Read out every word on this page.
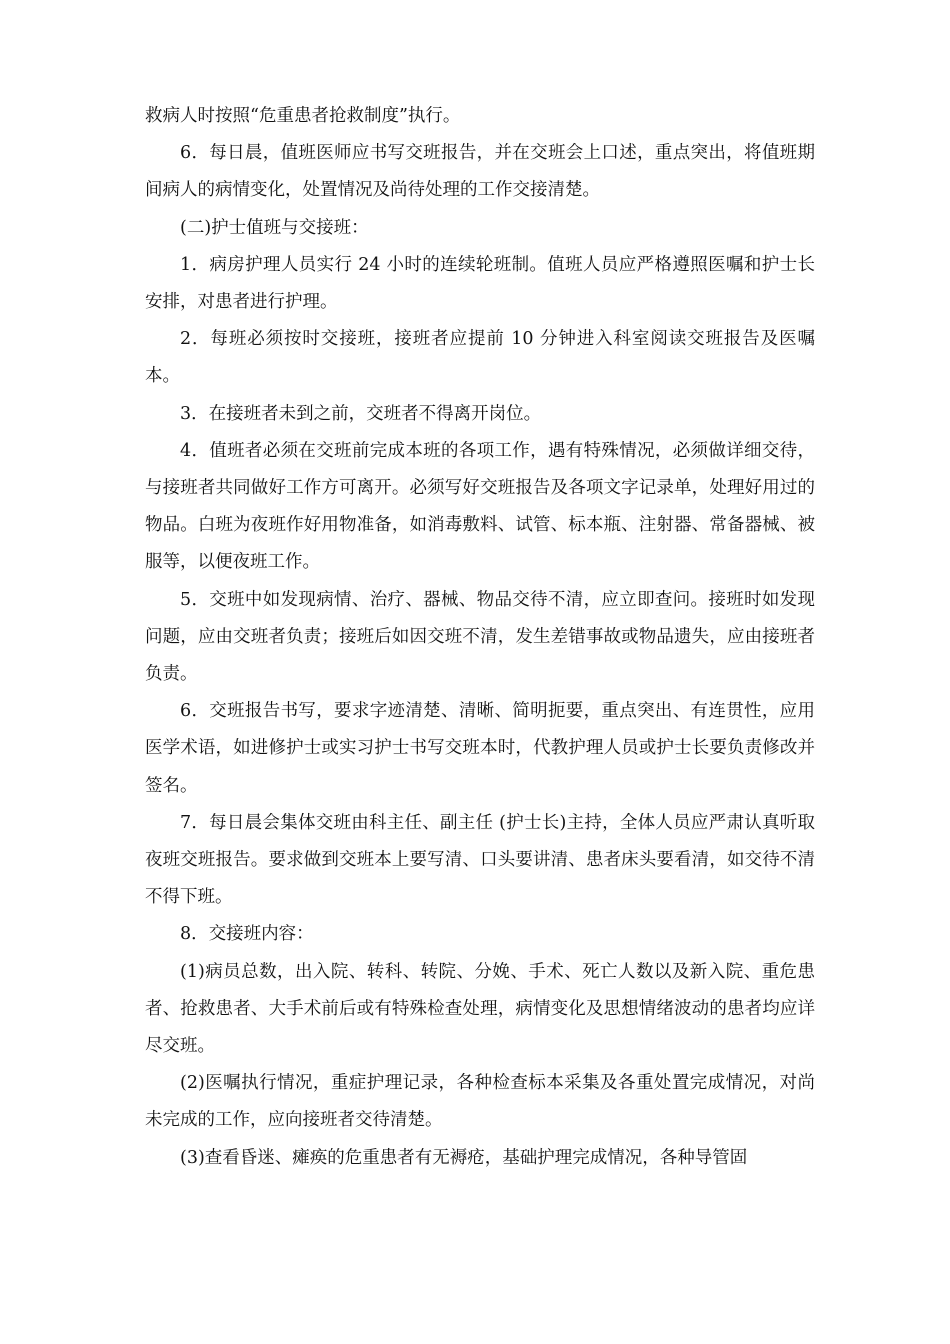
救病人时按照“危重患者抢救制度”执行。

6．每日晨，值班医师应书写交班报告，并在交班会上口述，重点突出，将值班期间病人的病情变化，处置情况及尚待处理的工作交接清楚。

(二)护士值班与交接班：

1．病房护理人员实行 24 小时的连续轮班制。值班人员应严格遵照医嘱和护士长安排，对患者进行护理。

2．每班必须按时交接班，接班者应提前 10 分钟进入科室阅读交班报告及医嘱本。

3．在接班者未到之前，交班者不得离开岗位。

4．值班者必须在交班前完成本班的各项工作，遇有特殊情况，必须做详细交待，与接班者共同做好工作方可离开。必须写好交班报告及各项文字记录单，处理好用过的物品。白班为夜班作好用物准备，如消毒敷料、试管、标本瓶、注射器、常备器械、被服等，以便夜班工作。

5．交班中如发现病情、治疗、器械、物品交待不清，应立即查问。接班时如发现问题，应由交班者负责；接班后如因交班不清，发生差错事故或物品遗失，应由接班者负责。

6．交班报告书写，要求字迹清楚、清晰、简明扼要，重点突出、有连贯性，应用医学术语，如进修护士或实习护士书写交班本时，代教护理人员或护士长要负责修改并签名。

7．每日晨会集体交班由科主任、副主任 (护士长)主持，全体人员应严肃认真听取夜班交班报告。要求做到交班本上要写清、口头要讲清、患者床头要看清，如交待不清不得下班。

8．交接班内容：

(1)病员总数，出入院、转科、转院、分娩、手术、死亡人数以及新入院、重危患者、抢救患者、大手术前后或有特殊检查处理，病情变化及思想情绪波动的患者均应详尽交班。

(2)医嘱执行情况，重症护理记录，各种检查标本采集及各重处置完成情况，对尚未完成的工作，应向接班者交待清楚。

(3)查看昏迷、瘫痪的危重患者有无褥疮，基础护理完成情况，各种导管固
